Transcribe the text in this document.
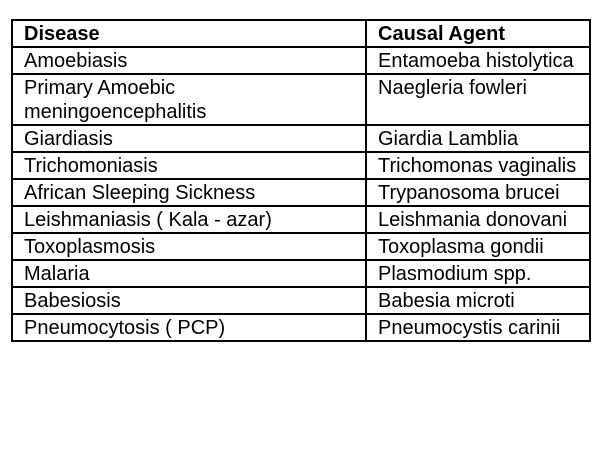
Disease	Causal Agent
Amoebiasis	Entamoeba histolytica
Primary Amoebic meningoencephalitis	Naegleria fowleri
Giardiasis	Giardia Lamblia
Trichomoniasis	Trichomonas vaginalis
African Sleeping Sickness	Trypanosoma brucei
Leishmaniasis ( Kala - azar)	Leishmania donovani
Toxoplasmosis	Toxoplasma gondii
Malaria	Plasmodium spp.
Babesiosis	Babesia microti
Pneumocytosis ( PCP)	Pneumocystis carinii
